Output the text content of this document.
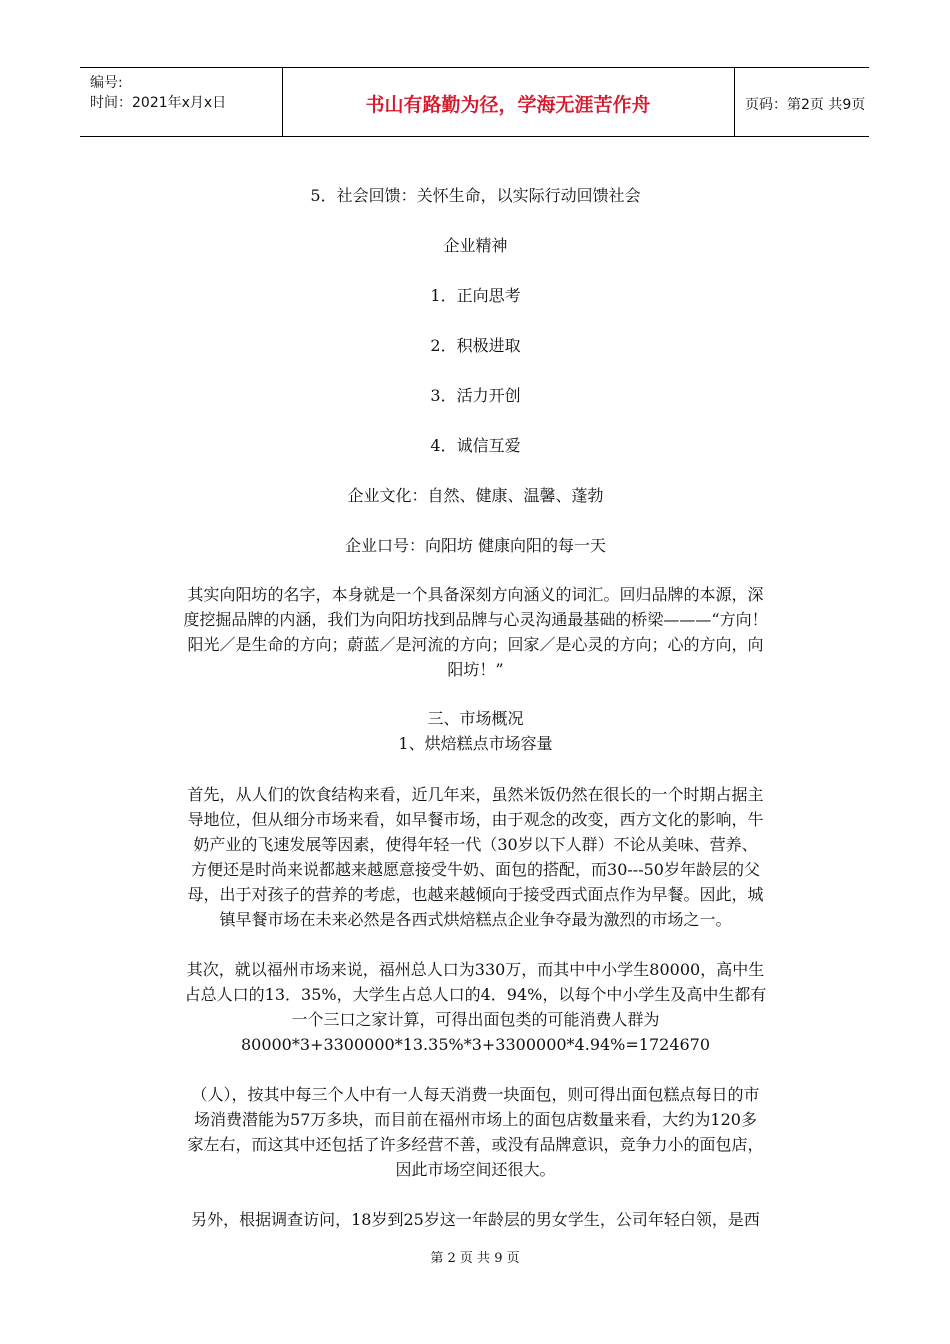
编号:
时间：2021年x月x日	书山有路勤为径，学海无涯苦作舟	页码：第2页 共9页
5．社会回馈：关怀生命，以实际行动回馈社会
企业精神
1．正向思考
2．积极进取
3．活力开创
4．诚信互爱
企业文化：自然、健康、温馨、蓬勃
企业口号：向阳坊 健康向阳的每一天
其实向阳坊的名字，本身就是一个具备深刻方向涵义的词汇。回归品牌的本源，深
度挖掘品牌的内涵，我们为向阳坊找到品牌与心灵沟通最基础的桥梁———“方向！
阳光／是生命的方向；蔚蓝／是河流的方向；回家／是心灵的方向；心的方向，向
阳坊！”
三、市场概况
1、烘焙糕点市场容量
首先，从人们的饮食结构来看，近几年来，虽然米饭仍然在很长的一个时期占据主
导地位，但从细分市场来看，如早餐市场，由于观念的改变，西方文化的影响，牛
奶产业的飞速发展等因素，使得年轻一代（30岁以下人群）不论从美味、营养、
方便还是时尚来说都越来越愿意接受牛奶、面包的搭配，而30---50岁年龄层的父
母，出于对孩子的营养的考虑，也越来越倾向于接受西式面点作为早餐。因此，城
镇早餐市场在未来必然是各西式烘焙糕点企业争夺最为激烈的市场之一。
其次，就以福州市场来说，福州总人口为330万，而其中中小学生80000，高中生
占总人口的13．35%，大学生占总人口的4．94%，以每个中小学生及高中生都有
一个三口之家计算，可得出面包类的可能消费人群为
80000*3+3300000*13.35%*3+3300000*4.94%=1724670
（人），按其中每三个人中有一人每天消费一块面包，则可得出面包糕点每日的市
场消费潜能为57万多块，而目前在福州市场上的面包店数量来看，大约为120多
家左右，而这其中还包括了许多经营不善，或没有品牌意识，竞争力小的面包店，
因此市场空间还很大。
另外，根据调查访问，18岁到25岁这一年龄层的男女学生，公司年轻白领，是西
第 2 页 共 9 页
